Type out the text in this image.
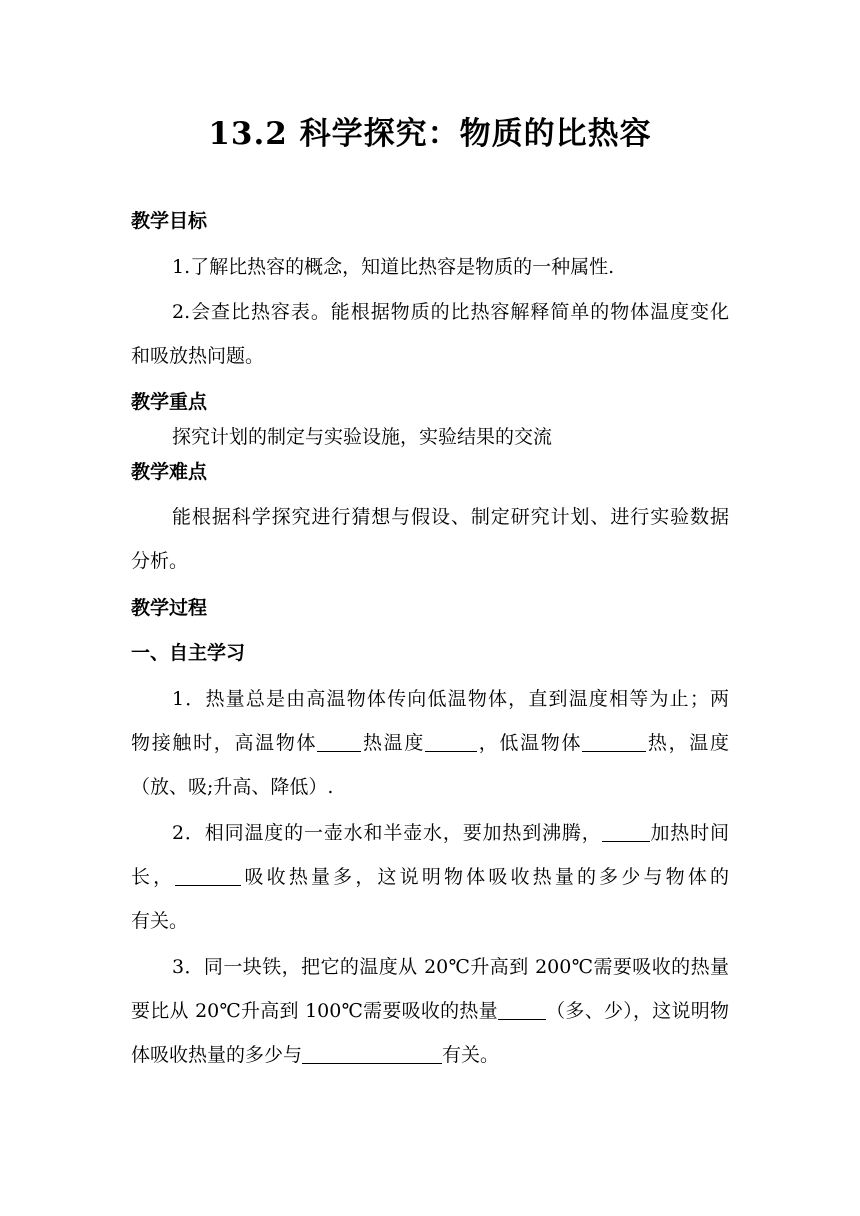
13.2 科学探究：物质的比热容
教学目标
1.了解比热容的概念，知道比热容是物质的一种属性.
2.会查比热容表。能根据物质的比热容解释简单的物体温度变化
和吸放热问题。
教学重点
探究计划的制定与实验设施，实验结果的交流
教学难点
能根据科学探究进行猜想与假设、制定研究计划、进行实验数据
分析。
教学过程
一、自主学习
1．热量总是由高温物体传向低温物体，直到温度相等为止；两
物接触时，高温物体 热温度	，低温物体	热，温度
（放、吸;升高、降低）.
2．相同温度的一壶水和半壶水，要加热到沸腾，	加热时间
长，	吸收热量多，这说明物体吸收热量的多少与物体的
有关。
3．同一块铁，把它的温度从 20℃升高到 200℃需要吸收的热量
要比从 20℃升高到 100℃需要吸收的热量	（多、少），这说明物
体吸收热量的多少与	有关。
